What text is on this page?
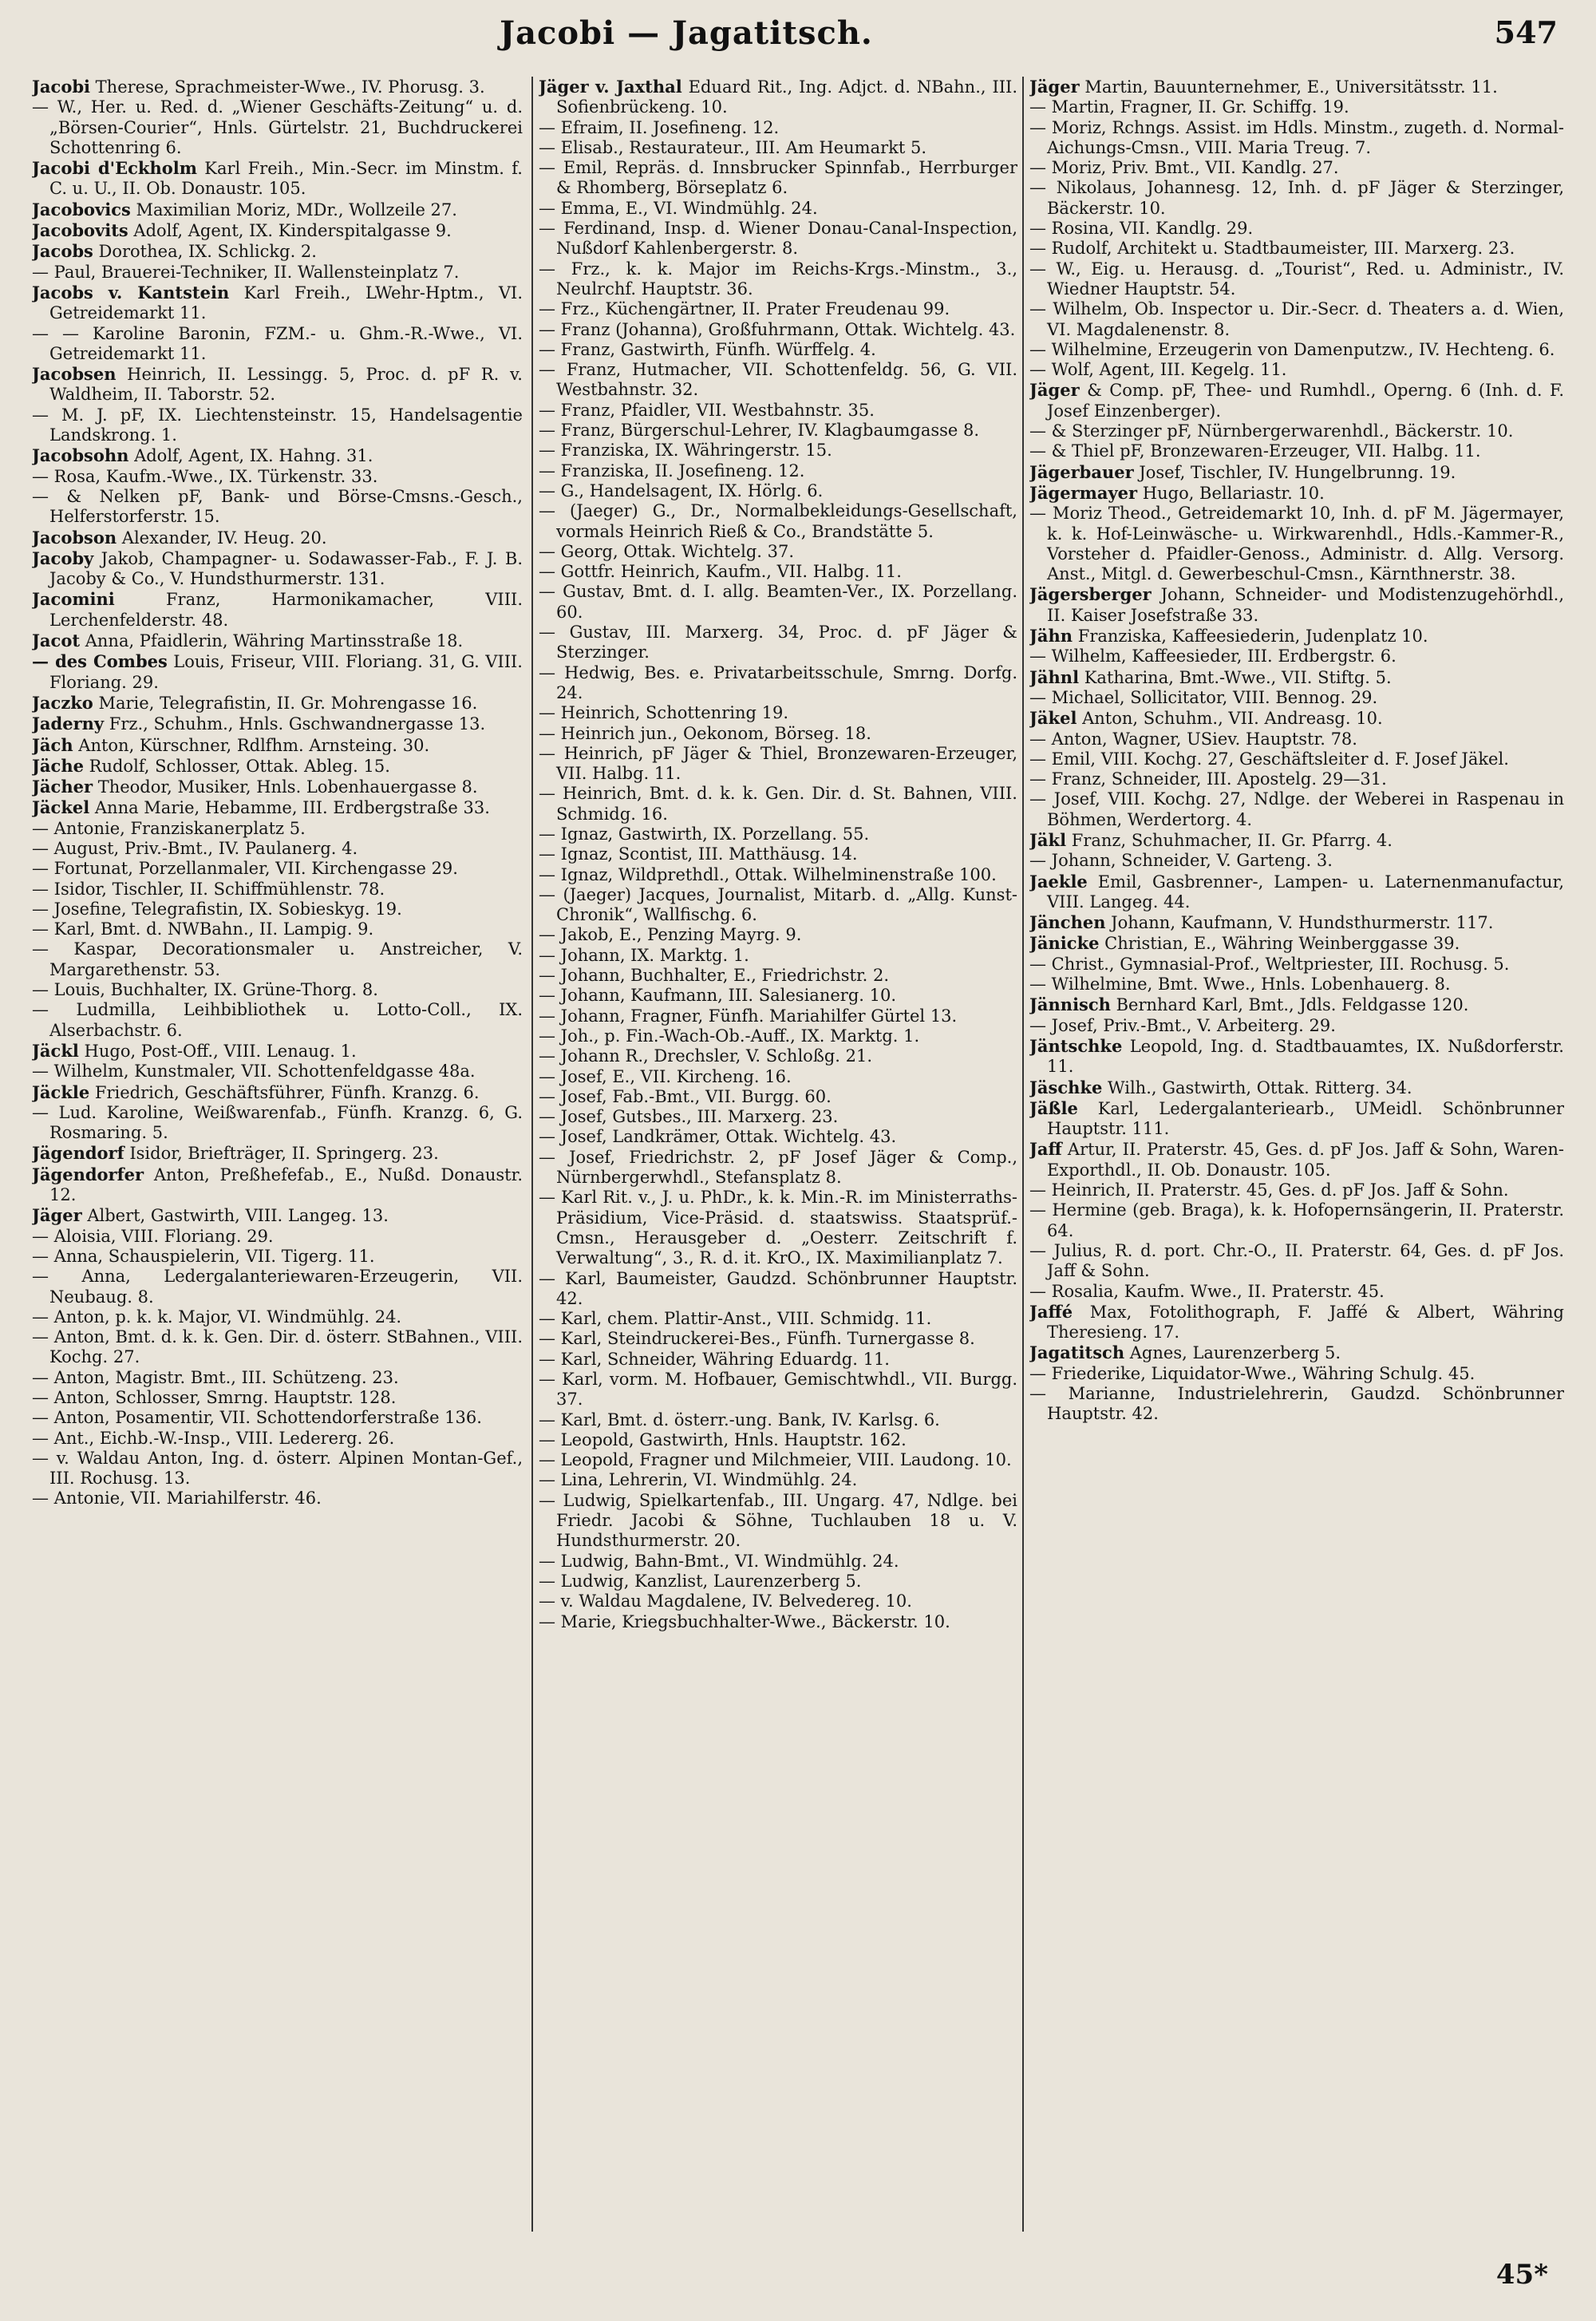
Jacobi — Jagatitsch.	547

Jacobi Therese, Sprachmeister-Wwe., IV. Phorusg. 3.

— W., Her. u. Red. d. „Wiener Geschäfts-Zeitung“ u. d. „Börsen-Courier“, Hnls. Gürtelstr. 21, Buchdruckerei Schottenring 6.

Jacobi d'Eckholm Karl Freih., Min.-Secr. im Minstm. f. C. u. U., II. Ob. Donaustr. 105.

Jacobovics Maximilian Moriz, MDr., Wollzeile 27.

Jacobovits Adolf, Agent, IX. Kinderspitalgasse 9.

Jacobs Dorothea, IX. Schlickg. 2.

— Paul, Brauerei-Techniker, II. Wallensteinplatz 7.

Jacobs v. Kantstein Karl Freih., LWehr-Hptm., VI. Getreidemarkt 11.

— — Karoline Baronin, FZM.- u. Ghm.-R.-Wwe., VI. Getreidemarkt 11.

Jacobsen Heinrich, II. Lessingg. 5, Proc. d. pF R. v. Waldheim, II. Taborstr. 52.

— M. J. pF, IX. Liechtensteinstr. 15, Handelsagentie Landskrong. 1.

Jacobsohn Adolf, Agent, IX. Hahng. 31.

— Rosa, Kaufm.-Wwe., IX. Türkenstr. 33.

— & Nelken pF, Bank- und Börse-Cmsns.-Gesch., Helferstorferstr. 15.

Jacobson Alexander, IV. Heug. 20.

Jacoby Jakob, Champagner- u. Sodawasser-Fab., F. J. B. Jacoby & Co., V. Hundsthurmerstr. 131.

Jacomini Franz, Harmonikamacher, VIII. Lerchenfelderstr. 48.

Jacot Anna, Pfaidlerin, Währing Martinsstraße 18.

— des Combes Louis, Friseur, VIII. Floriang. 31, G. VIII. Floriang. 29.

Jaczko Marie, Telegrafistin, II. Gr. Mohrengasse 16.

Jaderny Frz., Schuhm., Hnls. Gschwandnergasse 13.

Jäch Anton, Kürschner, Rdlfhm. Arnsteing. 30.

Jäche Rudolf, Schlosser, Ottak. Ableg. 15.

Jächer Theodor, Musiker, Hnls. Lobenhauergasse 8.

Jäckel Anna Marie, Hebamme, III. Erdbergstraße 33.

— Antonie, Franziskanerplatz 5.

— August, Priv.-Bmt., IV. Paulanerg. 4.

— Fortunat, Porzellanmaler, VII. Kirchengasse 29.

— Isidor, Tischler, II. Schiffmühlenstr. 78.

— Josefine, Telegrafistin, IX. Sobieskyg. 19.

— Karl, Bmt. d. NWBahn., II. Lampig. 9.

— Kaspar, Decorationsmaler u. Anstreicher, V. Margarethenstr. 53.

— Louis, Buchhalter, IX. Grüne-Thorg. 8.

— Ludmilla, Leihbibliothek u. Lotto-Coll., IX. Alserbachstr. 6.

Jäckl Hugo, Post-Off., VIII. Lenaug. 1.

— Wilhelm, Kunstmaler, VII. Schottenfeldgasse 48a.

Jäckle Friedrich, Geschäftsführer, Fünfh. Kranzg. 6.

— Lud. Karoline, Weißwarenfab., Fünfh. Kranzg. 6, G. Rosmaring. 5.

Jägendorf Isidor, Briefträger, II. Springerg. 23.

Jägendorfer Anton, Preßhefefab., E., Nußd. Donaustr. 12.

Jäger Albert, Gastwirth, VIII. Langeg. 13.

— Aloisia, VIII. Floriang. 29.

— Anna, Schauspielerin, VII. Tigerg. 11.

— Anna, Ledergalanteriewaren-Erzeugerin, VII. Neubaug. 8.

— Anton, p. k. k. Major, VI. Windmühlg. 24.

— Anton, Bmt. d. k. k. Gen. Dir. d. österr. StBahnen., VIII. Kochg. 27.

— Anton, Magistr. Bmt., III. Schützeng. 23.

— Anton, Schlosser, Smrng. Hauptstr. 128.

— Anton, Posamentir, VII. Schottendorferstraße 136.

— Ant., Eichb.-W.-Insp., VIII. Ledererg. 26.

— v. Waldau Anton, Ing. d. österr. Alpinen Montan-Gef., III. Rochusg. 13.

— Antonie, VII. Mariahilferstr. 46.

Jäger v. Jaxthal Eduard Rit., Ing. Adjct. d. NBahn., III. Sofienbrückeng. 10.

— Efraim, II. Josefineng. 12.

— Elisab., Restaurateur., III. Am Heumarkt 5.

— Emil, Repräs. d. Innsbrucker Spinnfab., Herrburger & Rhomberg, Börseplatz 6.

— Emma, E., VI. Windmühlg. 24.

— Ferdinand, Insp. d. Wiener Donau-Canal-Inspection, Nußdorf Kahlenbergerstr. 8.

— Frz., k. k. Major im Reichs-Krgs.-Minstm., 3., Neulrchf. Hauptstr. 36.

— Frz., Küchengärtner, II. Prater Freudenau 99.

— Franz (Johanna), Großfuhrmann, Ottak. Wichtelg. 43.

— Franz, Gastwirth, Fünfh. Würffelg. 4.

— Franz, Hutmacher, VII. Schottenfeldg. 56, G. VII. Westbahnstr. 32.

— Franz, Pfaidler, VII. Westbahnstr. 35.

— Franz, Bürgerschul-Lehrer, IV. Klagbaumgasse 8.

— Franziska, IX. Währingerstr. 15.

— Franziska, II. Josefineng. 12.

— G., Handelsagent, IX. Hörlg. 6.

— (Jaeger) G., Dr., Normalbekleidungs-Gesellschaft, vormals Heinrich Rieß & Co., Brandstätte 5.

— Georg, Ottak. Wichtelg. 37.

— Gottfr. Heinrich, Kaufm., VII. Halbg. 11.

— Gustav, Bmt. d. I. allg. Beamten-Ver., IX. Porzellang. 60.

— Gustav, III. Marxerg. 34, Proc. d. pF Jäger & Sterzinger.

— Hedwig, Bes. e. Privatarbeitsschule, Smrng. Dorfg. 24.

— Heinrich, Schottenring 19.

— Heinrich jun., Oekonom, Börseg. 18.

— Heinrich, pF Jäger & Thiel, Bronzewaren-Erzeuger, VII. Halbg. 11.

— Heinrich, Bmt. d. k. k. Gen. Dir. d. St. Bahnen, VIII. Schmidg. 16.

— Ignaz, Gastwirth, IX. Porzellang. 55.

— Ignaz, Scontist, III. Matthäusg. 14.

— Ignaz, Wildprethdl., Ottak. Wilhelminenstraße 100.

— (Jaeger) Jacques, Journalist, Mitarb. d. „Allg. Kunst-Chronik“, Wallfischg. 6.

— Jakob, E., Penzing Mayrg. 9.

— Johann, IX. Marktg. 1.

— Johann, Buchhalter, E., Friedrichstr. 2.

— Johann, Kaufmann, III. Salesianerg. 10.

— Johann, Fragner, Fünfh. Mariahilfer Gürtel 13.

— Joh., p. Fin.-Wach-Ob.-Auff., IX. Marktg. 1.

— Johann R., Drechsler, V. Schloßg. 21.

— Josef, E., VII. Kircheng. 16.

— Josef, Fab.-Bmt., VII. Burgg. 60.

— Josef, Gutsbes., III. Marxerg. 23.

— Josef, Landkrämer, Ottak. Wichtelg. 43.

— Josef, Friedrichstr. 2, pF Josef Jäger & Comp., Nürnbergerwhdl., Stefansplatz 8.

— Karl Rit. v., J. u. PhDr., k. k. Min.-R. im Ministerraths-Präsidium, Vice-Präsid. d. staatswiss. Staatsprüf.-Cmsn., Herausgeber d. „Oesterr. Zeitschrift f. Verwaltung“, 3., R. d. it. KrO., IX. Maximilianplatz 7.

— Karl, Baumeister, Gaudzd. Schönbrunner Hauptstr. 42.

— Karl, chem. Plattir-Anst., VIII. Schmidg. 11.

— Karl, Steindruckerei-Bes., Fünfh. Turnergasse 8.

— Karl, Schneider, Währing Eduardg. 11.

— Karl, vorm. M. Hofbauer, Gemischtwhdl., VII. Burgg. 37.

— Karl, Bmt. d. österr.-ung. Bank, IV. Karlsg. 6.

— Leopold, Gastwirth, Hnls. Hauptstr. 162.

— Leopold, Fragner und Milchmeier, VIII. Laudong. 10.

— Lina, Lehrerin, VI. Windmühlg. 24.

— Ludwig, Spielkartenfab., III. Ungarg. 47, Ndlge. bei Friedr. Jacobi & Söhne, Tuchlauben 18 u. V. Hundsthurmerstr. 20.

— Ludwig, Bahn-Bmt., VI. Windmühlg. 24.

— Ludwig, Kanzlist, Laurenzerberg 5.

— v. Waldau Magdalene, IV. Belvedereg. 10.

— Marie, Kriegsbuchhalter-Wwe., Bäckerstr. 10.

Jäger Martin, Bauunternehmer, E., Universitätsstr. 11.

— Martin, Fragner, II. Gr. Schiffg. 19.

— Moriz, Rchngs. Assist. im Hdls. Minstm., zugeth. d. Normal-Aichungs-Cmsn., VIII. Maria Treug. 7.

— Moriz, Priv. Bmt., VII. Kandlg. 27.

— Nikolaus, Johannesg. 12, Inh. d. pF Jäger & Sterzinger, Bäckerstr. 10.

— Rosina, VII. Kandlg. 29.

— Rudolf, Architekt u. Stadtbaumeister, III. Marxerg. 23.

— W., Eig. u. Herausg. d. „Tourist“, Red. u. Administr., IV. Wiedner Hauptstr. 54.

— Wilhelm, Ob. Inspector u. Dir.-Secr. d. Theaters a. d. Wien, VI. Magdalenenstr. 8.

— Wilhelmine, Erzeugerin von Damenputzw., IV. Hechteng. 6.

— Wolf, Agent, III. Kegelg. 11.

Jäger & Comp. pF, Thee- und Rumhdl., Operng. 6 (Inh. d. F. Josef Einzenberger).

— & Sterzinger pF, Nürnbergerwarenhdl., Bäckerstr. 10.

— & Thiel pF, Bronzewaren-Erzeuger, VII. Halbg. 11.

Jägerbauer Josef, Tischler, IV. Hungelbrunng. 19.

Jägermayer Hugo, Bellariastr. 10.

— Moriz Theod., Getreidemarkt 10, Inh. d. pF M. Jägermayer, k. k. Hof-Leinwäsche- u. Wirkwarenhdl., Hdls.-Kammer-R., Vorsteher d. Pfaidler-Genoss., Administr. d. Allg. Versorg. Anst., Mitgl. d. Gewerbeschul-Cmsn., Kärnthnerstr. 38.

Jägersberger Johann, Schneider- und Modistenzugehörhdl., II. Kaiser Josefstraße 33.

Jähn Franziska, Kaffeesiederin, Judenplatz 10.

— Wilhelm, Kaffeesieder, III. Erdbergstr. 6.

Jähnl Katharina, Bmt.-Wwe., VII. Stiftg. 5.

— Michael, Sollicitator, VIII. Bennog. 29.

Jäkel Anton, Schuhm., VII. Andreasg. 10.

— Anton, Wagner, USiev. Hauptstr. 78.

— Emil, VIII. Kochg. 27, Geschäftsleiter d. F. Josef Jäkel.

— Franz, Schneider, III. Apostelg. 29—31.

— Josef, VIII. Kochg. 27, Ndlge. der Weberei in Raspenau in Böhmen, Werdertorg. 4.

Jäkl Franz, Schuhmacher, II. Gr. Pfarrg. 4.

— Johann, Schneider, V. Garteng. 3.

Jaekle Emil, Gasbrenner-, Lampen- u. Laternenmanufactur, VIII. Langeg. 44.

Jänchen Johann, Kaufmann, V. Hundsthurmerstr. 117.

Jänicke Christian, E., Währing Weinberggasse 39.

— Christ., Gymnasial-Prof., Weltpriester, III. Rochusg. 5.

— Wilhelmine, Bmt. Wwe., Hnls. Lobenhauerg. 8.

Jännisch Bernhard Karl, Bmt., Jdls. Feldgasse 120.

— Josef, Priv.-Bmt., V. Arbeiterg. 29.

Jäntschke Leopold, Ing. d. Stadtbauamtes, IX. Nußdorferstr. 11.

Jäschke Wilh., Gastwirth, Ottak. Ritterg. 34.

Jäßle Karl, Ledergalanteriearb., UMeidl. Schönbrunner Hauptstr. 111.

Jaff Artur, II. Praterstr. 45, Ges. d. pF Jos. Jaff & Sohn, Waren-Exporthdl., II. Ob. Donaustr. 105.

— Heinrich, II. Praterstr. 45, Ges. d. pF Jos. Jaff & Sohn.

— Hermine (geb. Braga), k. k. Hofopernsängerin, II. Praterstr. 64.

— Julius, R. d. port. Chr.-O., II. Praterstr. 64, Ges. d. pF Jos. Jaff & Sohn.

— Rosalia, Kaufm. Wwe., II. Praterstr. 45.

Jaffé Max, Fotolithograph, F. Jaffé & Albert, Währing Theresieng. 17.

Jagatitsch Agnes, Laurenzerberg 5.

— Friederike, Liquidator-Wwe., Währing Schulg. 45.

— Marianne, Industrielehrerin, Gaudzd. Schönbrunner Hauptstr. 42.

45*
